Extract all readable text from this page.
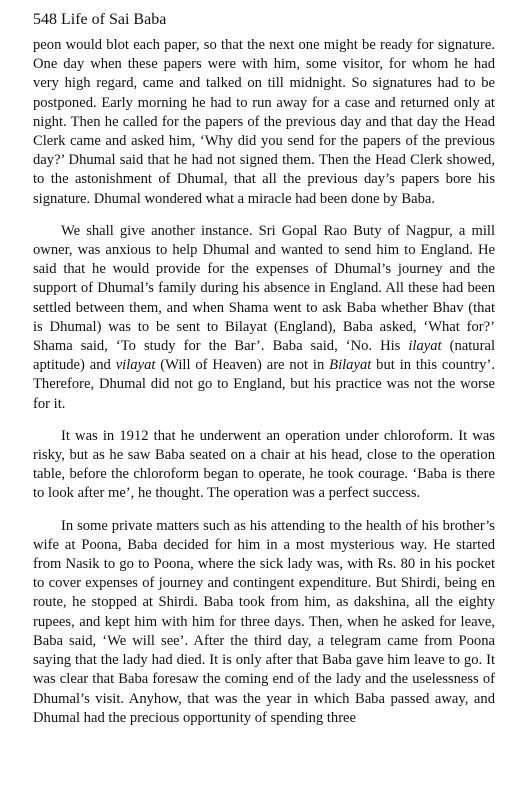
548 Life of Sai Baba

peon would blot each paper, so that the next one might be ready for signature. One day when these papers were with him, some visitor, for whom he had very high regard, came and talked on till midnight. So signatures had to be postponed. Early morning he had to run away for a case and returned only at night. Then he called for the papers of the previous day and that day the Head Clerk came and asked him, ‘Why did you send for the papers of the previous day?’ Dhumal said that he had not signed them. Then the Head Clerk showed, to the astonishment of Dhumal, that all the previous day’s papers bore his signature. Dhumal wondered what a miracle had been done by Baba.

We shall give another instance. Sri Gopal Rao Buty of Nagpur, a mill owner, was anxious to help Dhumal and wanted to send him to England. He said that he would provide for the expenses of Dhumal’s journey and the support of Dhumal’s family during his absence in England. All these had been settled between them, and when Shama went to ask Baba whether Bhav (that is Dhumal) was to be sent to Bilayat (England), Baba asked, ‘What for?’ Shama said, ‘To study for the Bar’. Baba said, ‘No. His ilayat (natural aptitude) and vilayat (Will of Heaven) are not in Bilayat but in this country’. Therefore, Dhumal did not go to England, but his practice was not the worse for it.

It was in 1912 that he underwent an operation under chloroform. It was risky, but as he saw Baba seated on a chair at his head, close to the operation table, before the chloroform began to operate, he took courage. ‘Baba is there to look after me’, he thought. The operation was a perfect success.

In some private matters such as his attending to the health of his brother’s wife at Poona, Baba decided for him in a most mysterious way. He started from Nasik to go to Poona, where the sick lady was, with Rs. 80 in his pocket to cover expenses of journey and contingent expenditure. But Shirdi, being en route, he stopped at Shirdi. Baba took from him, as dakshina, all the eighty rupees, and kept him with him for three days. Then, when he asked for leave, Baba said, ‘We will see’. After the third day, a telegram came from Poona saying that the lady had died. It is only after that Baba gave him leave to go. It was clear that Baba foresaw the coming end of the lady and the uselessness of Dhumal’s visit. Anyhow, that was the year in which Baba passed away, and Dhumal had the precious opportunity of spending three
